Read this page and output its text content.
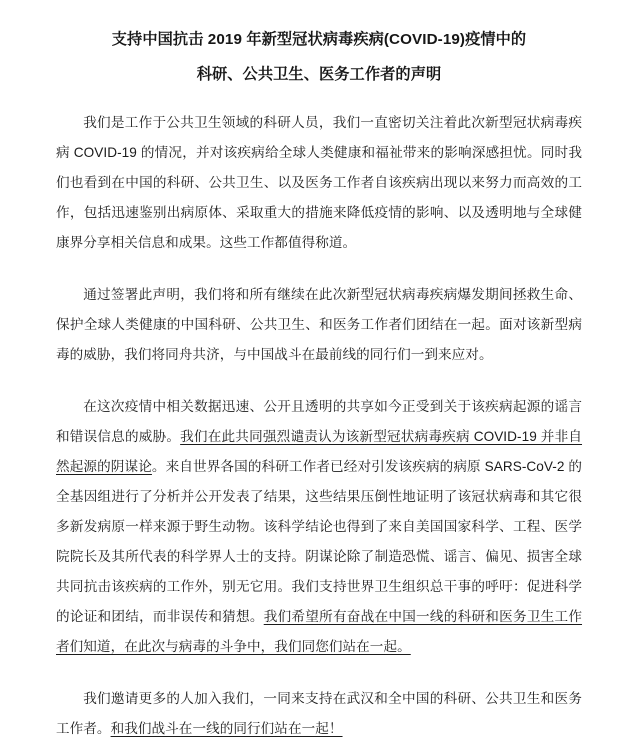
支持中国抗击 2019 年新型冠状病毒疾病(COVID-19)疫情中的
科研、公共卫生、医务工作者的声明

我们是工作于公共卫生领域的科研人员，我们一直密切关注着此次新型冠状病毒疾病 COVID-19 的情况，并对该疾病给全球人类健康和福祉带来的影响深感担忧。同时我们也看到在中国的科研、公共卫生、以及医务工作者自该疾病出现以来努力而高效的工作，包括迅速鉴别出病原体、采取重大的措施来降低疫情的影响、以及透明地与全球健康界分享相关信息和成果。这些工作都值得称道。

通过签署此声明，我们将和所有继续在此次新型冠状病毒疾病爆发期间拯救生命、保护全球人类健康的中国科研、公共卫生、和医务工作者们团结在一起。面对该新型病毒的威胁，我们将同舟共济，与中国战斗在最前线的同行们一到来应对。

在这次疫情中相关数据迅速、公开且透明的共享如今正受到关于该疾病起源的谣言和错误信息的威胁。我们在此共同强烈谴责认为该新型冠状病毒疾病 COVID-19 并非自然起源的阴谋论。来自世界各国的科研工作者已经对引发该疾病的病原 SARS-CoV-2 的全基因组进行了分析并公开发表了结果，这些结果压倒性地证明了该冠状病毒和其它很多新发病原一样来源于野生动物。该科学结论也得到了来自美国国家科学、工程、医学院院长及其所代表的科学界人士的支持。阴谋论除了制造恐慌、谣言、偏见、损害全球共同抗击该疾病的工作外，别无它用。我们支持世界卫生组织总干事的呼吁：促进科学的论证和团结，而非误传和猜想。我们希望所有奋战在中国一线的科研和医务卫生工作者们知道，在此次与病毒的斗争中，我们同您们站在一起。

我们邀请更多的人加入我们，一同来支持在武汉和全中国的科研、公共卫生和医务工作者。和我们战斗在一线的同行们站在一起！
